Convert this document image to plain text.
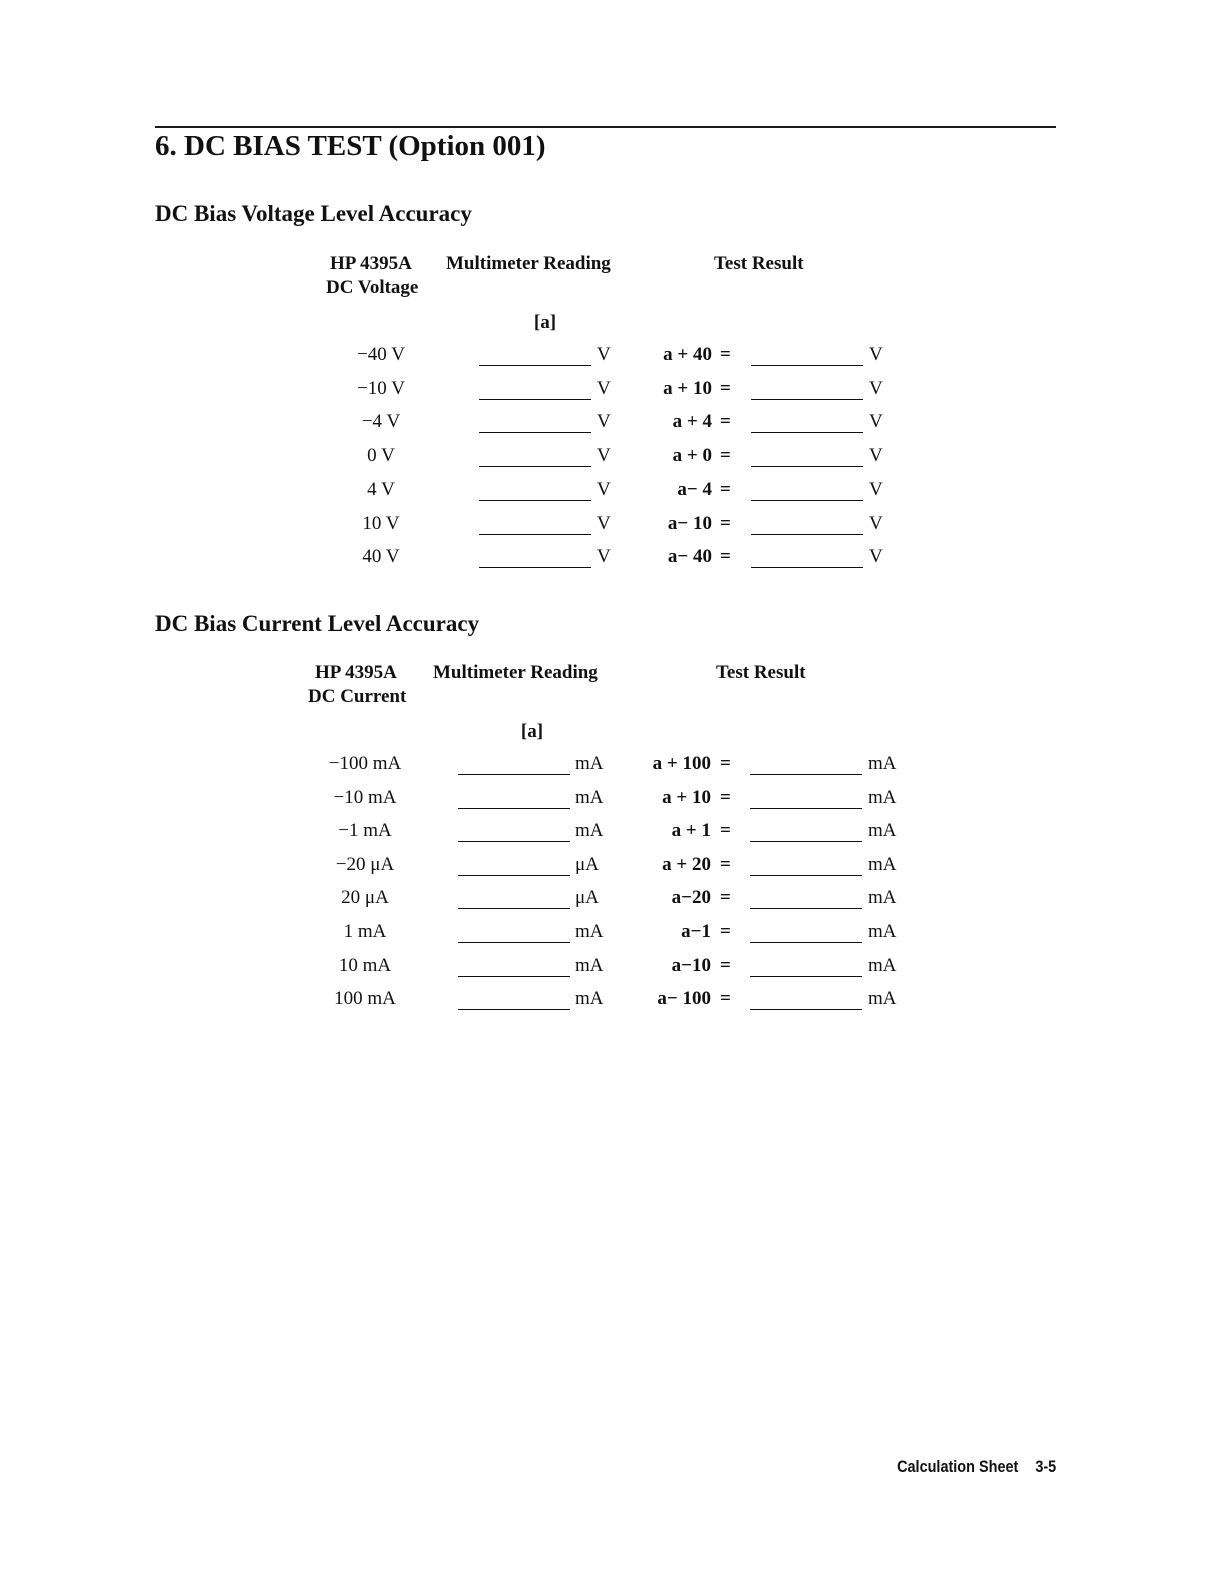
6. DC BIAS TEST (Option 001)
DC Bias Voltage Level Accuracy
HP 4395A
DC Voltage
Multimeter Reading	Test Result
[a]
−40 V	V	a + 40 =	V
−10 V	V	a + 10 =	V
−4 V	V	a + 4 =	V
0 V	V	a + 0 =	V
4 V	V	a− 4 =	V
10 V	V	a− 10 =	V
40 V	V	a− 40 =	V
DC Bias Current Level Accuracy
HP 4395A
DC Current
Multimeter Reading	Test Result
[a]
−100 mA	mA	a + 100 =	mA
−10 mA	mA	a + 10 =	mA
−1 mA	mA	a + 1 =	mA
−20 μA	μA	a + 20 =	mA
20 μA	μA	a−20 =	mA
1 mA	mA	a−1 =	mA
10 mA	mA	a−10 =	mA
100 mA	mA	a− 100 =	mA
Calculation Sheet 3-5
